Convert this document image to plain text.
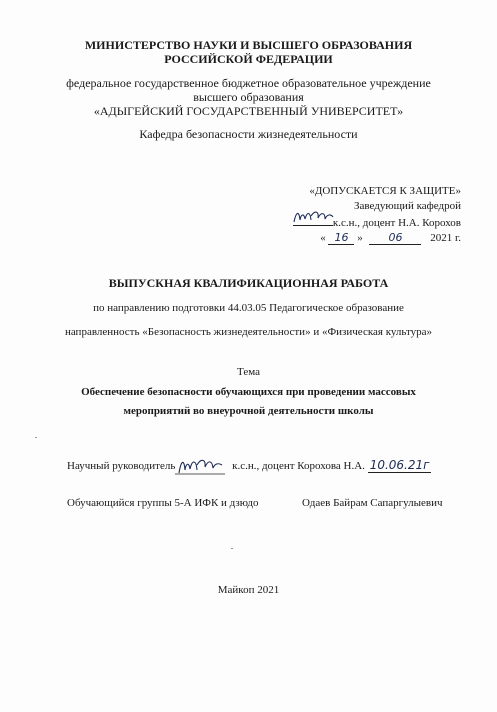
МИНИСТЕРСТВО НАУКИ И ВЫСШЕГО ОБРАЗОВАНИЯ
РОССИЙСКОЙ ФЕДЕРАЦИИ
федеральное государственное бюджетное образовательное учреждение
высшего образования
«АДЫГЕЙСКИЙ ГОСУДАРСТВЕННЫЙ УНИВЕРСИТЕТ»
Кафедра безопасности жизнедеятельности
«ДОПУСКАЕТСЯ К ЗАЩИТЕ»
Заведующий кафедрой
к.с.н., доцент Н.А. Корохов
« 16 » 06	2021 г.
ВЫПУСКНАЯ КВАЛИФИКАЦИОННАЯ РАБОТА
по направлению подготовки 44.03.05 Педагогическое образование
направленность «Безопасность жизнедеятельности» и «Физическая культура»
Тема
Обеспечение безопасности обучающихся при проведении массовых
мероприятий во внеурочной деятельности школы
Научный руководитель	к.с.н., доцент Корохова Н.А. 10.06.21г
Обучающийся группы 5-А ИФК и дзюдо	Одаев Байрам Сапаргулыевич
Майкоп 2021
